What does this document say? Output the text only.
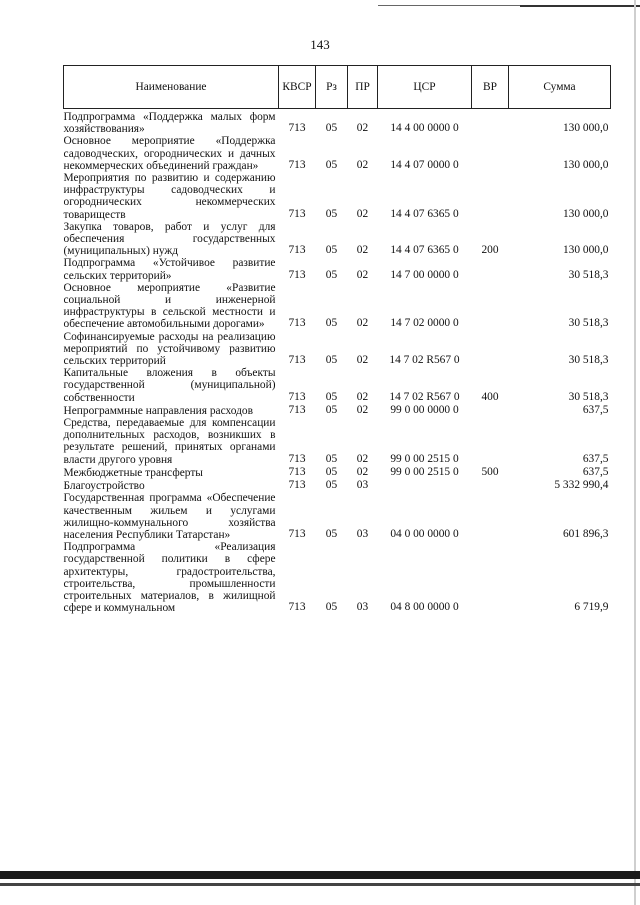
143
Наименование	КВСР	Рз	ПР	ЦСР	ВР	Сумма
Подпрограмма «Поддержка малых форм хозяйствования»	713	05	02	14 4 00 0000 0		130 000,0
Основное мероприятие «Поддержка садоводческих, огороднических и дачных некоммерческих объединений граждан»	713	05	02	14 4 07 0000 0		130 000,0
Мероприятия по развитию и содержанию инфраструктуры садоводческих и огороднических некоммерческих товариществ	713	05	02	14 4 07 6365 0		130 000,0
Закупка товаров, работ и услуг для обеспечения государственных (муниципальных) нужд	713	05	02	14 4 07 6365 0	200	130 000,0
Подпрограмма «Устойчивое развитие сельских территорий»	713	05	02	14 7 00 0000 0		30 518,3
Основное мероприятие «Развитие социальной и инженерной инфраструктуры в сельской местности и обеспечение автомобильными дорогами»	713	05	02	14 7 02 0000 0		30 518,3
Софинансируемые расходы на реализацию мероприятий по устойчивому развитию сельских территорий	713	05	02	14 7 02 R567 0		30 518,3
Капитальные вложения в объекты государственной (муниципальной) собственности	713	05	02	14 7 02 R567 0	400	30 518,3
Непрограммные направления расходов	713	05	02	99 0 00 0000 0		637,5
Средства, передаваемые для компенсации дополнительных расходов, возникших в результате решений, принятых органами власти другого уровня	713	05	02	99 0 00 2515 0		637,5
Межбюджетные трансферты	713	05	02	99 0 00 2515 0	500	637,5
Благоустройство	713	05	03			5 332 990,4
Государственная программа «Обеспечение качественным жильем и услугами жилищно-коммунального хозяйства населения Республики Татарстан»	713	05	03	04 0 00 0000 0		601 896,3
Подпрограмма «Реализация государственной политики в сфере архитектуры, градостроительства, строительства, промышленности строительных материалов, в жилищной сфере и коммунальном	713	05	03	04 8 00 0000 0		6 719,9
